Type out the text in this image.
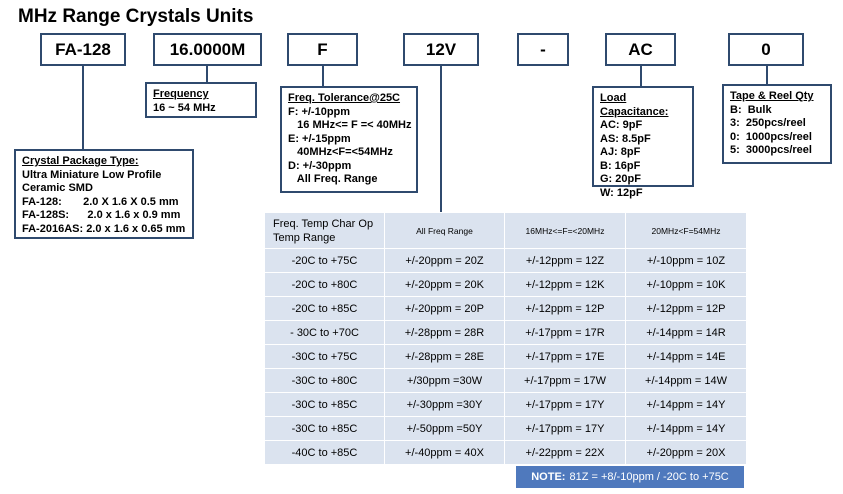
MHz Range Crystals Units
FA-128	16.0000M	F	12V	-	AC	0
Crystal Package Type:
Ultra Miniature Low Profile
Ceramic SMD
FA-128:       2.0 X 1.6 X 0.5 mm
FA-128S:      2.0 x 1.6 x 0.9 mm
FA-2016AS: 2.0 x 1.6 x 0.65 mm
Frequency
16 ~ 54 MHz
Freq. Tolerance@25C
F: +/-10ppm
16 MHz<= F =< 40MHz
E: +/-15ppm
40MHz<F=<54MHz
D: +/-30ppm
All Freq. Range
Load Capacitance:
AC: 9pF
AS: 8.5pF
AJ: 8pF
B: 16pF
G: 20pF
W: 12pF
Tape & Reel Qty
B:  Bulk
3:  250pcs/reel
0:  1000pcs/reel
5:  3000pcs/reel
Freq. Temp Char Op Temp Range	All Freq Range	16MHz<=F=<20MHz	20MHz<F=54MHz
-20C to +75C	+/-20ppm = 20Z	+/-12ppm = 12Z	+/-10ppm = 10Z
-20C to +80C	+/-20ppm = 20K	+/-12ppm = 12K	+/-10ppm = 10K
-20C to +85C	+/-20ppm = 20P	+/-12ppm = 12P	+/-12ppm = 12P
- 30C to +70C	+/-28ppm = 28R	+/-17ppm = 17R	+/-14ppm = 14R
-30C to +75C	+/-28ppm = 28E	+/-17ppm = 17E	+/-14ppm = 14E
-30C to +80C	+/30ppm =30W	+/-17ppm = 17W	+/-14ppm = 14W
-30C to +85C	+/-30ppm =30Y	+/-17ppm = 17Y	+/-14ppm = 14Y
-30C to +85C	+/-50ppm =50Y	+/-17ppm = 17Y	+/-14ppm = 14Y
-40C to +85C	+/-40ppm = 40X	+/-22ppm = 22X	+/-20ppm = 20X
NOTE: 81Z = +8/-10ppm / -20C to +75C
